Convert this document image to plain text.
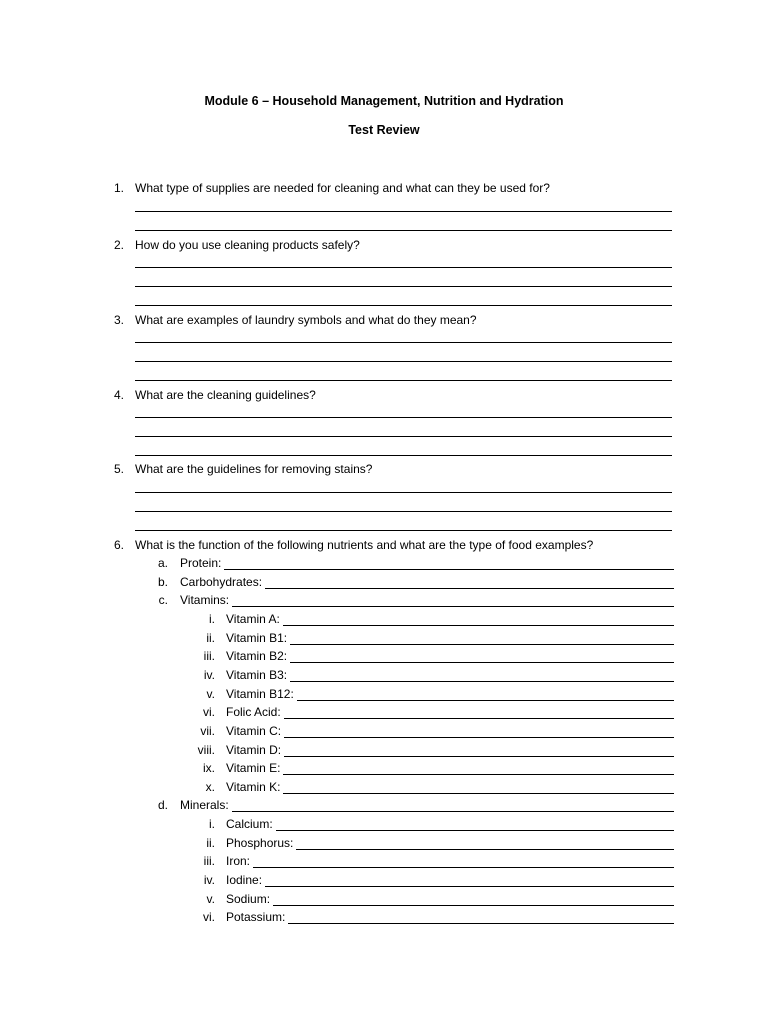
Module 6 – Household Management, Nutrition and Hydration
Test Review
1. What type of supplies are needed for cleaning and what can they be used for?
2. How do you use cleaning products safely?
3. What are examples of laundry symbols and what do they mean?
4. What are the cleaning guidelines?
5. What are the guidelines for removing stains?
6. What is the function of the following nutrients and what are the type of food examples?
a. Protein:
b. Carbohydrates:
c. Vitamins:
i. Vitamin A:
ii. Vitamin B1:
iii. Vitamin B2:
iv. Vitamin B3:
v. Vitamin B12:
vi. Folic Acid:
vii. Vitamin C:
viii. Vitamin D:
ix. Vitamin E:
x. Vitamin K:
d. Minerals:
i. Calcium:
ii. Phosphorus:
iii. Iron:
iv. Iodine:
v. Sodium:
vi. Potassium:
